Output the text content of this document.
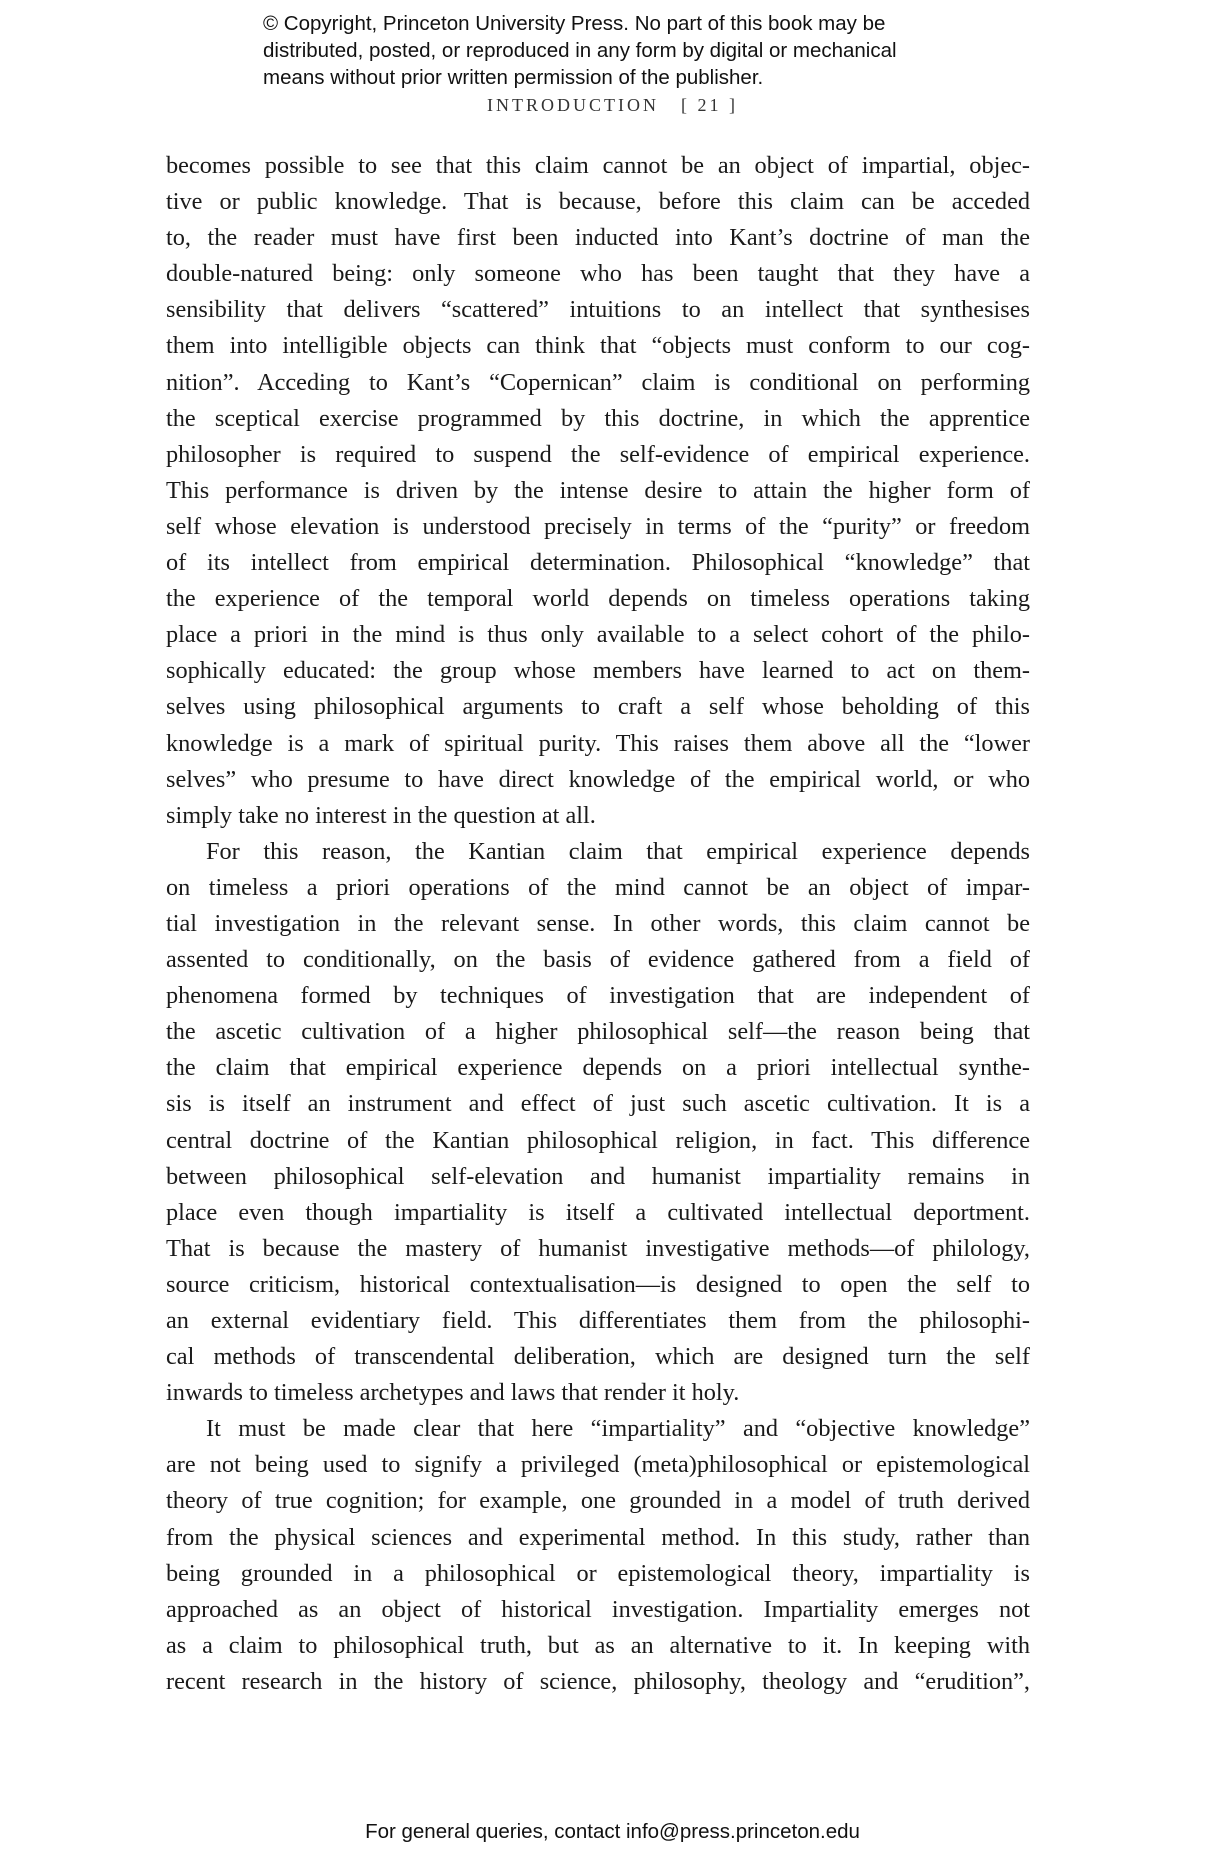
© Copyright, Princeton University Press. No part of this book may be
distributed, posted, or reproduced in any form by digital or mechanical
means without prior written permission of the publisher.
INTRODUCTION [ 21 ]
becomes possible to see that this claim cannot be an object of impartial, objec-
tive or public knowledge. That is because, before this claim can be acceded
to, the reader must have first been inducted into Kant’s doctrine of man the
double-natured being: only someone who has been taught that they have a
sensibility that delivers “scattered” intuitions to an intellect that synthesises
them into intelligible objects can think that “objects must conform to our cog-
nition”. Acceding to Kant’s “Copernican” claim is conditional on performing
the sceptical exercise programmed by this doctrine, in which the apprentice
philosopher is required to suspend the self-evidence of empirical experience.
This performance is driven by the intense desire to attain the higher form of
self whose elevation is understood precisely in terms of the “purity” or freedom
of its intellect from empirical determination. Philosophical “knowledge” that
the experience of the temporal world depends on timeless operations taking
place a priori in the mind is thus only available to a select cohort of the philo-
sophically educated: the group whose members have learned to act on them-
selves using philosophical arguments to craft a self whose beholding of this
knowledge is a mark of spiritual purity. This raises them above all the “lower
selves” who presume to have direct knowledge of the empirical world, or who
simply take no interest in the question at all.
For this reason, the Kantian claim that empirical experience depends
on timeless a priori operations of the mind cannot be an object of impar-
tial investigation in the relevant sense. In other words, this claim cannot be
assented to conditionally, on the basis of evidence gathered from a field of
phenomena formed by techniques of investigation that are independent of
the ascetic cultivation of a higher philosophical self—the reason being that
the claim that empirical experience depends on a priori intellectual synthe-
sis is itself an instrument and effect of just such ascetic cultivation. It is a
central doctrine of the Kantian philosophical religion, in fact. This difference
between philosophical self-elevation and humanist impartiality remains in
place even though impartiality is itself a cultivated intellectual deportment.
That is because the mastery of humanist investigative methods—of philology,
source criticism, historical contextualisation—is designed to open the self to
an external evidentiary field. This differentiates them from the philosophi-
cal methods of transcendental deliberation, which are designed turn the self
inwards to timeless archetypes and laws that render it holy.
It must be made clear that here “impartiality” and “objective knowledge”
are not being used to signify a privileged (meta)philosophical or epistemological
theory of true cognition; for example, one grounded in a model of truth derived
from the physical sciences and experimental method. In this study, rather than
being grounded in a philosophical or epistemological theory, impartiality is
approached as an object of historical investigation. Impartiality emerges not
as a claim to philosophical truth, but as an alternative to it. In keeping with
recent research in the history of science, philosophy, theology and “erudition”,
For general queries, contact info@press.princeton.edu
